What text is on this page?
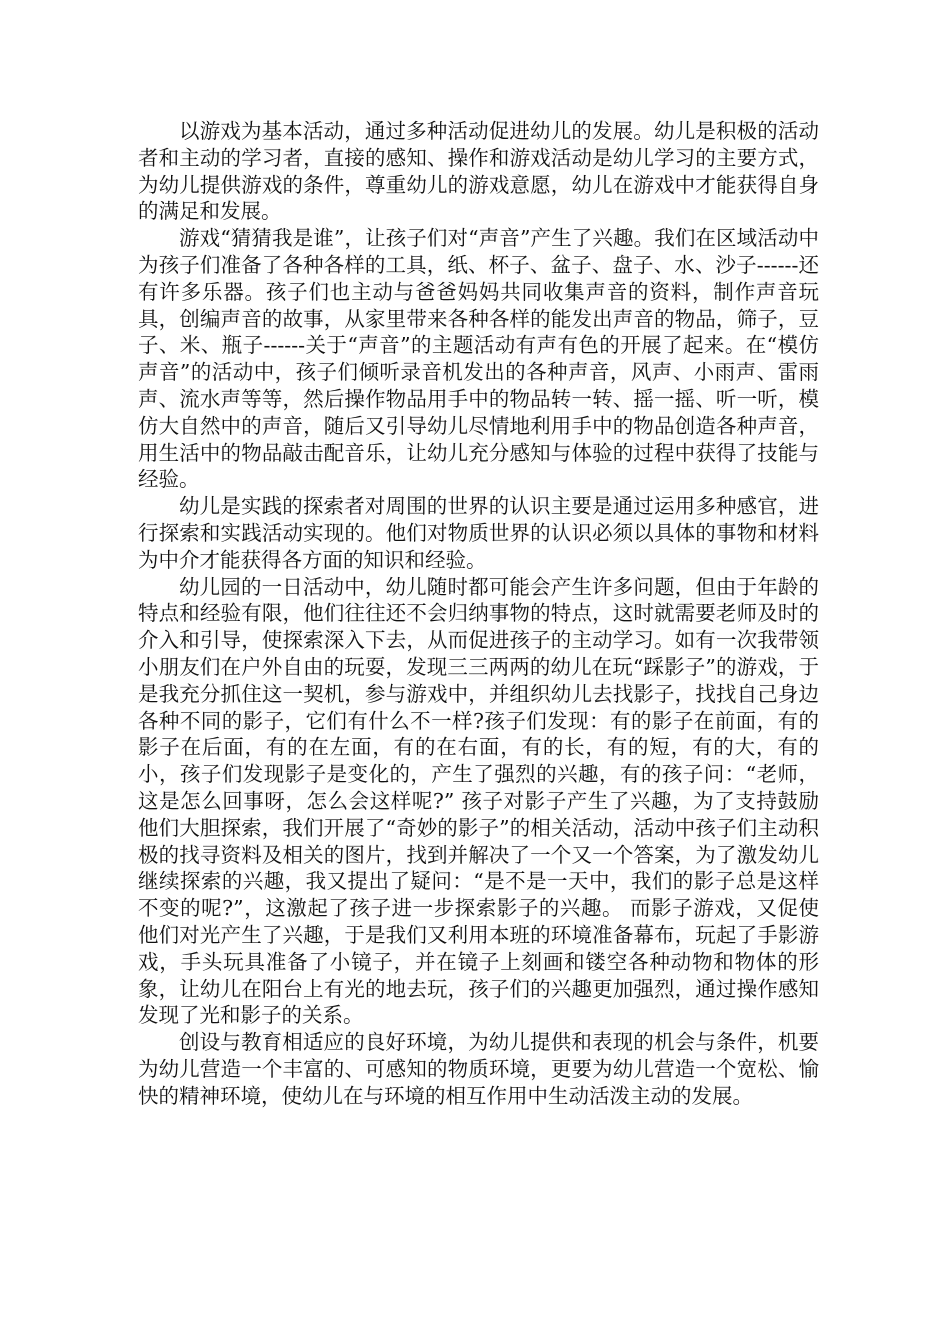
以游戏为基本活动，通过多种活动促进幼儿的发展。幼儿是积极的活动者和主动的学习者，直接的感知、操作和游戏活动是幼儿学习的主要方式，为幼儿提供游戏的条件，尊重幼儿的游戏意愿，幼儿在游戏中才能获得自身的满足和发展。

游戏“猜猜我是谁”，让孩子们对“声音”产生了兴趣。我们在区域活动中为孩子们准备了各种各样的工具，纸、杯子、盆子、盘子、水、沙子------还有许多乐器。孩子们也主动与爸爸妈妈共同收集声音的资料，制作声音玩具，创编声音的故事，从家里带来各种各样的能发出声音的物品，筛子，豆子、米、瓶子------关于“声音”的主题活动有声有色的开展了起来。在“模仿声音”的活动中，孩子们倾听录音机发出的各种声音，风声、小雨声、雷雨声、流水声等等，然后操作物品用手中的物品转一转、摇一摇、听一听，模仿大自然中的声音，随后又引导幼儿尽情地利用手中的物品创造各种声音，用生活中的物品敲击配音乐，让幼儿充分感知与体验的过程中获得了技能与经验。

幼儿是实践的探索者对周围的世界的认识主要是通过运用多种感官，进行探索和实践活动实现的。他们对物质世界的认识必须以具体的事物和材料为中介才能获得各方面的知识和经验。

幼儿园的一日活动中，幼儿随时都可能会产生许多问题，但由于年龄的特点和经验有限，他们往往还不会归纳事物的特点，这时就需要老师及时的介入和引导，使探索深入下去，从而促进孩子的主动学习。如有一次我带领小朋友们在户外自由的玩耍，发现三三两两的幼儿在玩“踩影子”的游戏，于是我充分抓住这一契机，参与游戏中，并组织幼儿去找影子，找找自己身边各种不同的影子，它们有什么不一样?孩子们发现：有的影子在前面，有的影子在后面，有的在左面，有的在右面，有的长，有的短，有的大，有的小，孩子们发现影子是变化的，产生了强烈的兴趣，有的孩子问：“老师，这是怎么回事呀，怎么会这样呢?” 孩子对影子产生了兴趣，为了支持鼓励他们大胆探索，我们开展了“奇妙的影子”的相关活动，活动中孩子们主动积极的找寻资料及相关的图片，找到并解决了一个又一个答案，为了激发幼儿继续探索的兴趣，我又提出了疑问：“是不是一天中，我们的影子总是这样不变的呢?”，这激起了孩子进一步探索影子的兴趣。 而影子游戏，又促使他们对光产生了兴趣，于是我们又利用本班的环境准备幕布，玩起了手影游戏，手头玩具准备了小镜子，并在镜子上刻画和镂空各种动物和物体的形象，让幼儿在阳台上有光的地去玩，孩子们的兴趣更加强烈，通过操作感知发现了光和影子的关系。

创设与教育相适应的良好环境，为幼儿提供和表现的机会与条件，机要为幼儿营造一个丰富的、可感知的物质环境，更要为幼儿营造一个宽松、愉快的精神环境，使幼儿在与环境的相互作用中生动活泼主动的发展。
